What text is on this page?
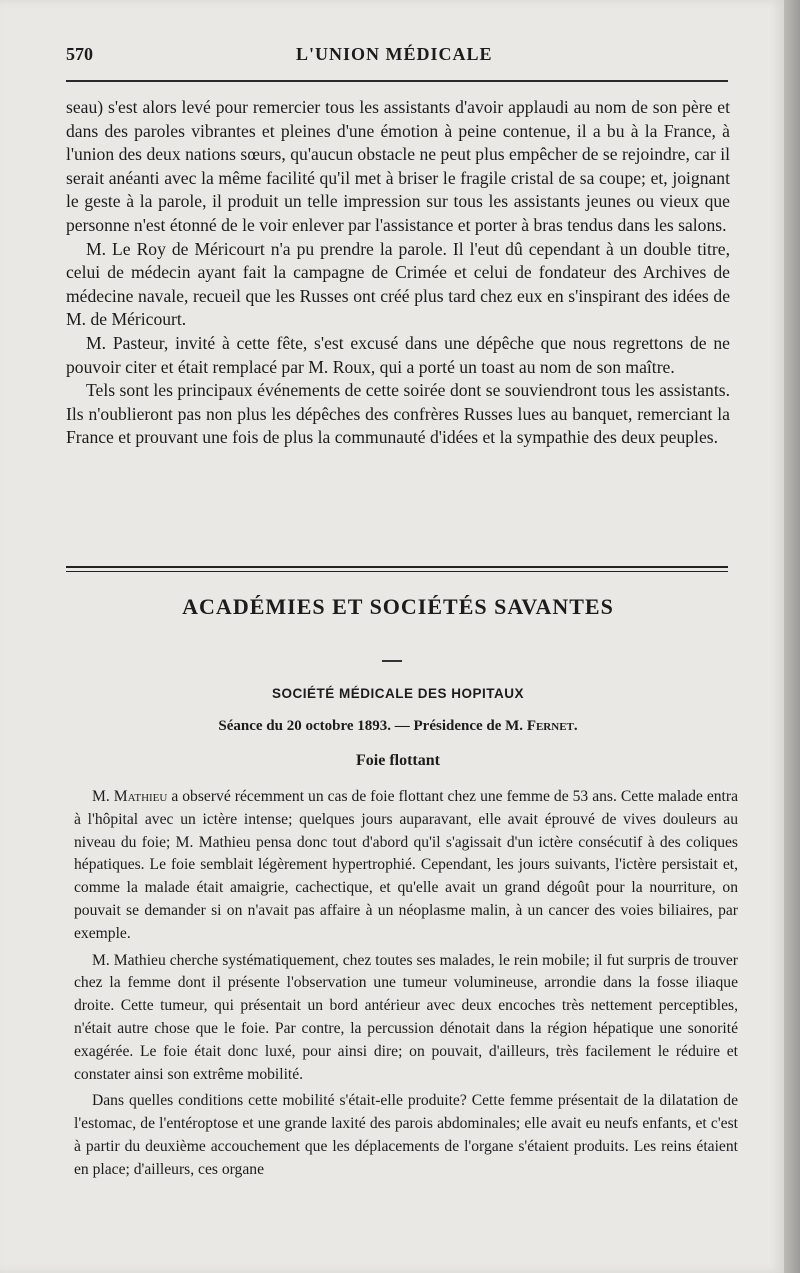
570	L'UNION MÉDICALE

seau) s'est alors levé pour remercier tous les assistants d'avoir applaudi au nom de son père et dans des paroles vibrantes et pleines d'une émotion à peine contenue, il a bu à la France, à l'union des deux nations sœurs, qu'aucun obstacle ne peut plus empêcher de se rejoindre, car il serait anéanti avec la même facilité qu'il met à briser le fragile cristal de sa coupe; et, joignant le geste à la parole, il produit un telle impression sur tous les assistants jeunes ou vieux que personne n'est étonné de le voir enlever par l'assistance et porter à bras tendus dans les salons.

M. Le Roy de Méricourt n'a pu prendre la parole. Il l'eut dû cependant à un double titre, celui de médecin ayant fait la campagne de Crimée et celui de fondateur des Archives de médecine navale, recueil que les Russes ont créé plus tard chez eux en s'inspirant des idées de M. de Méricourt.

M. Pasteur, invité à cette fête, s'est excusé dans une dépêche que nous regrettons de ne pouvoir citer et était remplacé par M. Roux, qui a porté un toast au nom de son maître.

Tels sont les principaux événements de cette soirée dont se souviendront tous les assistants. Ils n'oublieront pas non plus les dépêches des confrères Russes lues au banquet, remerciant la France et prouvant une fois de plus la communauté d'idées et la sympathie des deux peuples.

ACADÉMIES ET SOCIÉTÉS SAVANTES
SOCIÉTÉ MÉDICALE DES HOPITAUX
Séance du 20 octobre 1893. — Présidence de M. Fernet.
Foie flottant

M. Mathieu a observé récemment un cas de foie flottant chez une femme de 53 ans. Cette malade entra à l'hôpital avec un ictère intense; quelques jours auparavant, elle avait éprouvé de vives douleurs au niveau du foie; M. Mathieu pensa donc tout d'abord qu'il s'agissait d'un ictère consécutif à des coliques hépatiques. Le foie semblait légèrement hypertrophié. Cependant, les jours suivants, l'ictère persistait et, comme la malade était amaigrie, cachectique, et qu'elle avait un grand dégoût pour la nourriture, on pouvait se demander si on n'avait pas affaire à un néoplasme malin, à un cancer des voies biliaires, par exemple.

M. Mathieu cherche systématiquement, chez toutes ses malades, le rein mobile; il fut surpris de trouver chez la femme dont il présente l'observation une tumeur volumineuse, arrondie dans la fosse iliaque droite. Cette tumeur, qui présentait un bord antérieur avec deux encoches très nettement perceptibles, n'était autre chose que le foie. Par contre, la percussion dénotait dans la région hépatique une sonorité exagérée. Le foie était donc luxé, pour ainsi dire; on pouvait, d'ailleurs, très facilement le réduire et constater ainsi son extrême mobilité.

Dans quelles conditions cette mobilité s'était-elle produite? Cette femme présentait de la dilatation de l'estomac, de l'entéroptose et une grande laxité des parois abdominales; elle avait eu neufs enfants, et c'est à partir du deuxième accouchement que les déplacements de l'organe s'étaient produits. Les reins étaient en place; d'ailleurs, ces organe
